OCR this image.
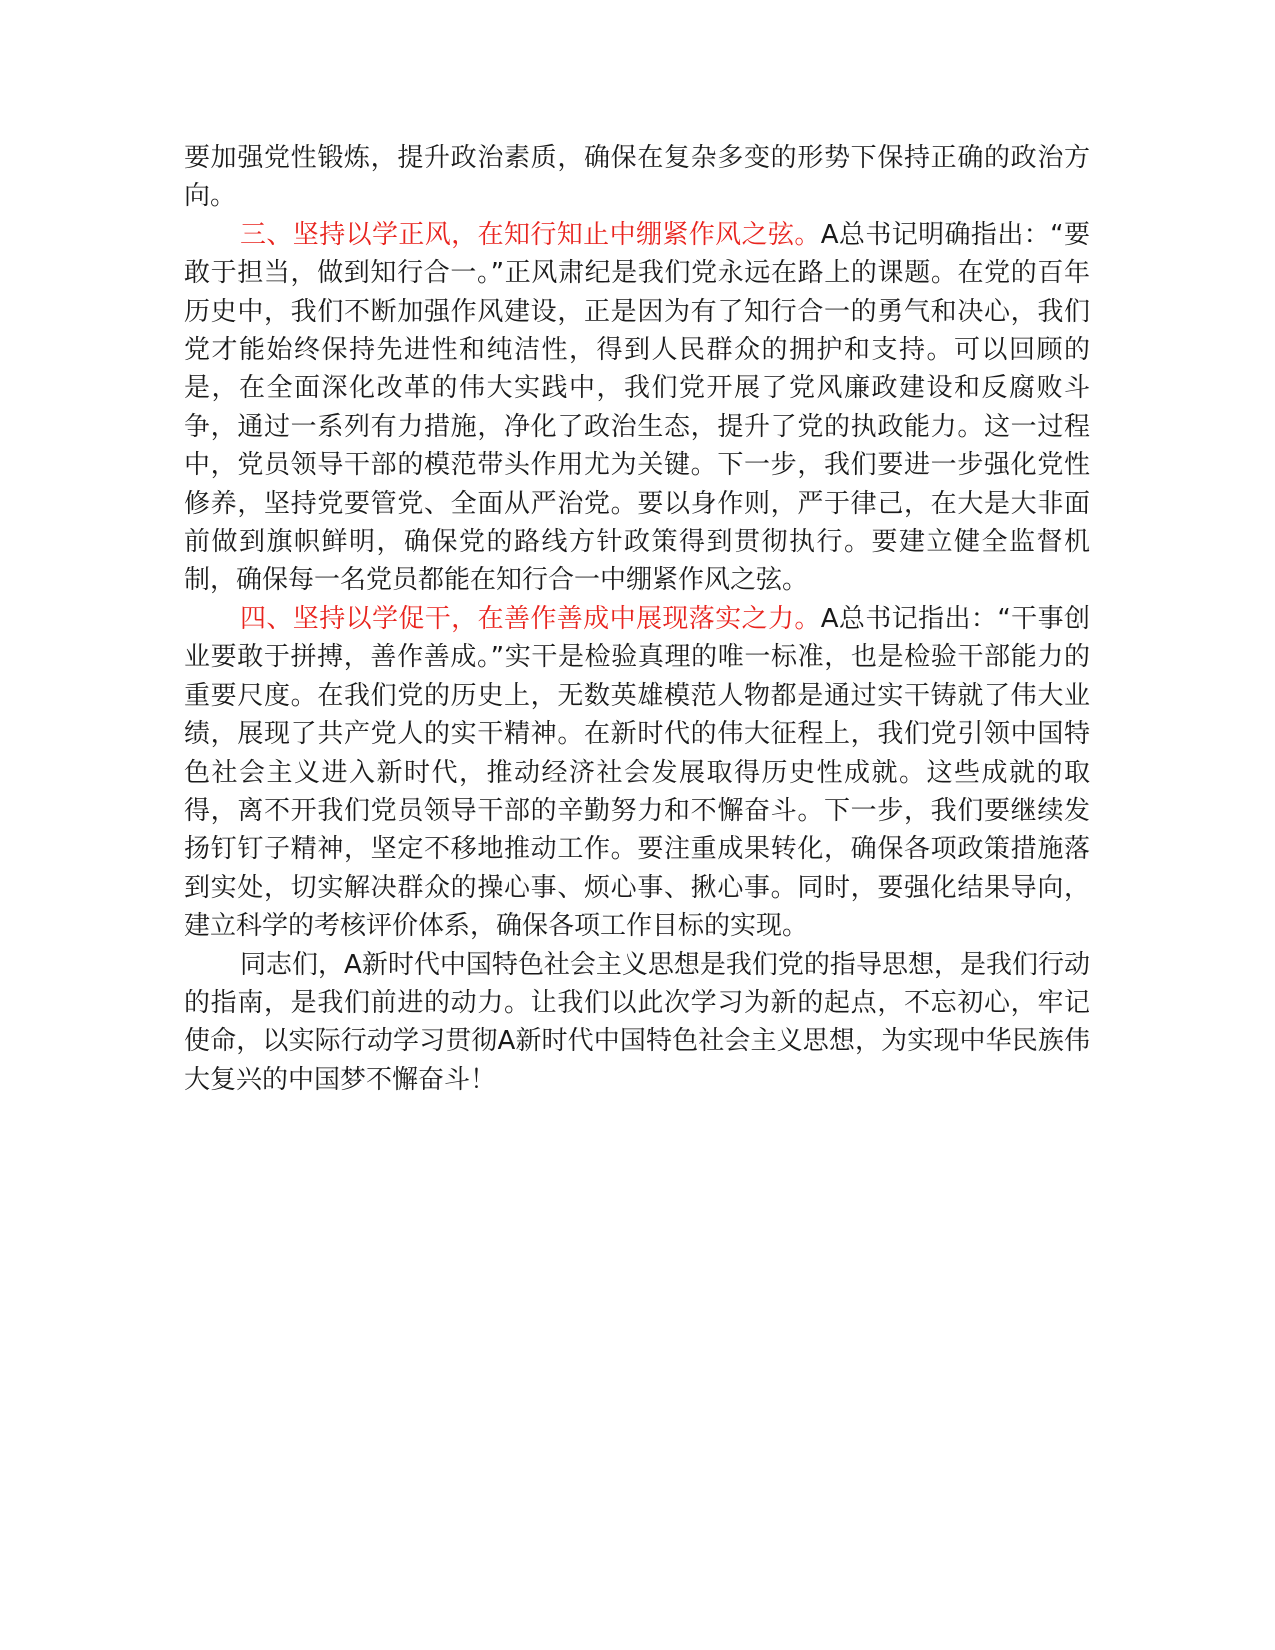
要加强党性锻炼，提升政治素质，确保在复杂多变的形势下保持正确的政治方向。

三、坚持以学正风，在知行知止中绷紧作风之弦。A总书记明确指出：“要敢于担当，做到知行合一。”正风肃纪是我们党永远在路上的课题。在党的百年历史中，我们不断加强作风建设，正是因为有了知行合一的勇气和决心，我们党才能始终保持先进性和纯洁性，得到人民群众的拥护和支持。可以回顾的是，在全面深化改革的伟大实践中，我们党开展了党风廉政建设和反腐败斗争，通过一系列有力措施，净化了政治生态，提升了党的执政能力。这一过程中，党员领导干部的模范带头作用尤为关键。下一步，我们要进一步强化党性修养，坚持党要管党、全面从严治党。要以身作则，严于律己，在大是大非面前做到旗帜鲜明，确保党的路线方针政策得到贯彻执行。要建立健全监督机制，确保每一名党员都能在知行合一中绷紧作风之弦。

四、坚持以学促干，在善作善成中展现落实之力。A总书记指出：“干事创业要敢于拼搏，善作善成。”实干是检验真理的唯一标准，也是检验干部能力的重要尺度。在我们党的历史上，无数英雄模范人物都是通过实干铸就了伟大业绩，展现了共产党人的实干精神。在新时代的伟大征程上，我们党引领中国特色社会主义进入新时代，推动经济社会发展取得历史性成就。这些成就的取得，离不开我们党员领导干部的辛勤努力和不懈奋斗。下一步，我们要继续发扬钉钉子精神，坚定不移地推动工作。要注重成果转化，确保各项政策措施落到实处，切实解决群众的操心事、烦心事、揪心事。同时，要强化结果导向，建立科学的考核评价体系，确保各项工作目标的实现。

同志们，A新时代中国特色社会主义思想是我们党的指导思想，是我们行动的指南，是我们前进的动力。让我们以此次学习为新的起点，不忘初心，牢记使命，以实际行动学习贯彻A新时代中国特色社会主义思想，为实现中华民族伟大复兴的中国梦不懈奋斗！
